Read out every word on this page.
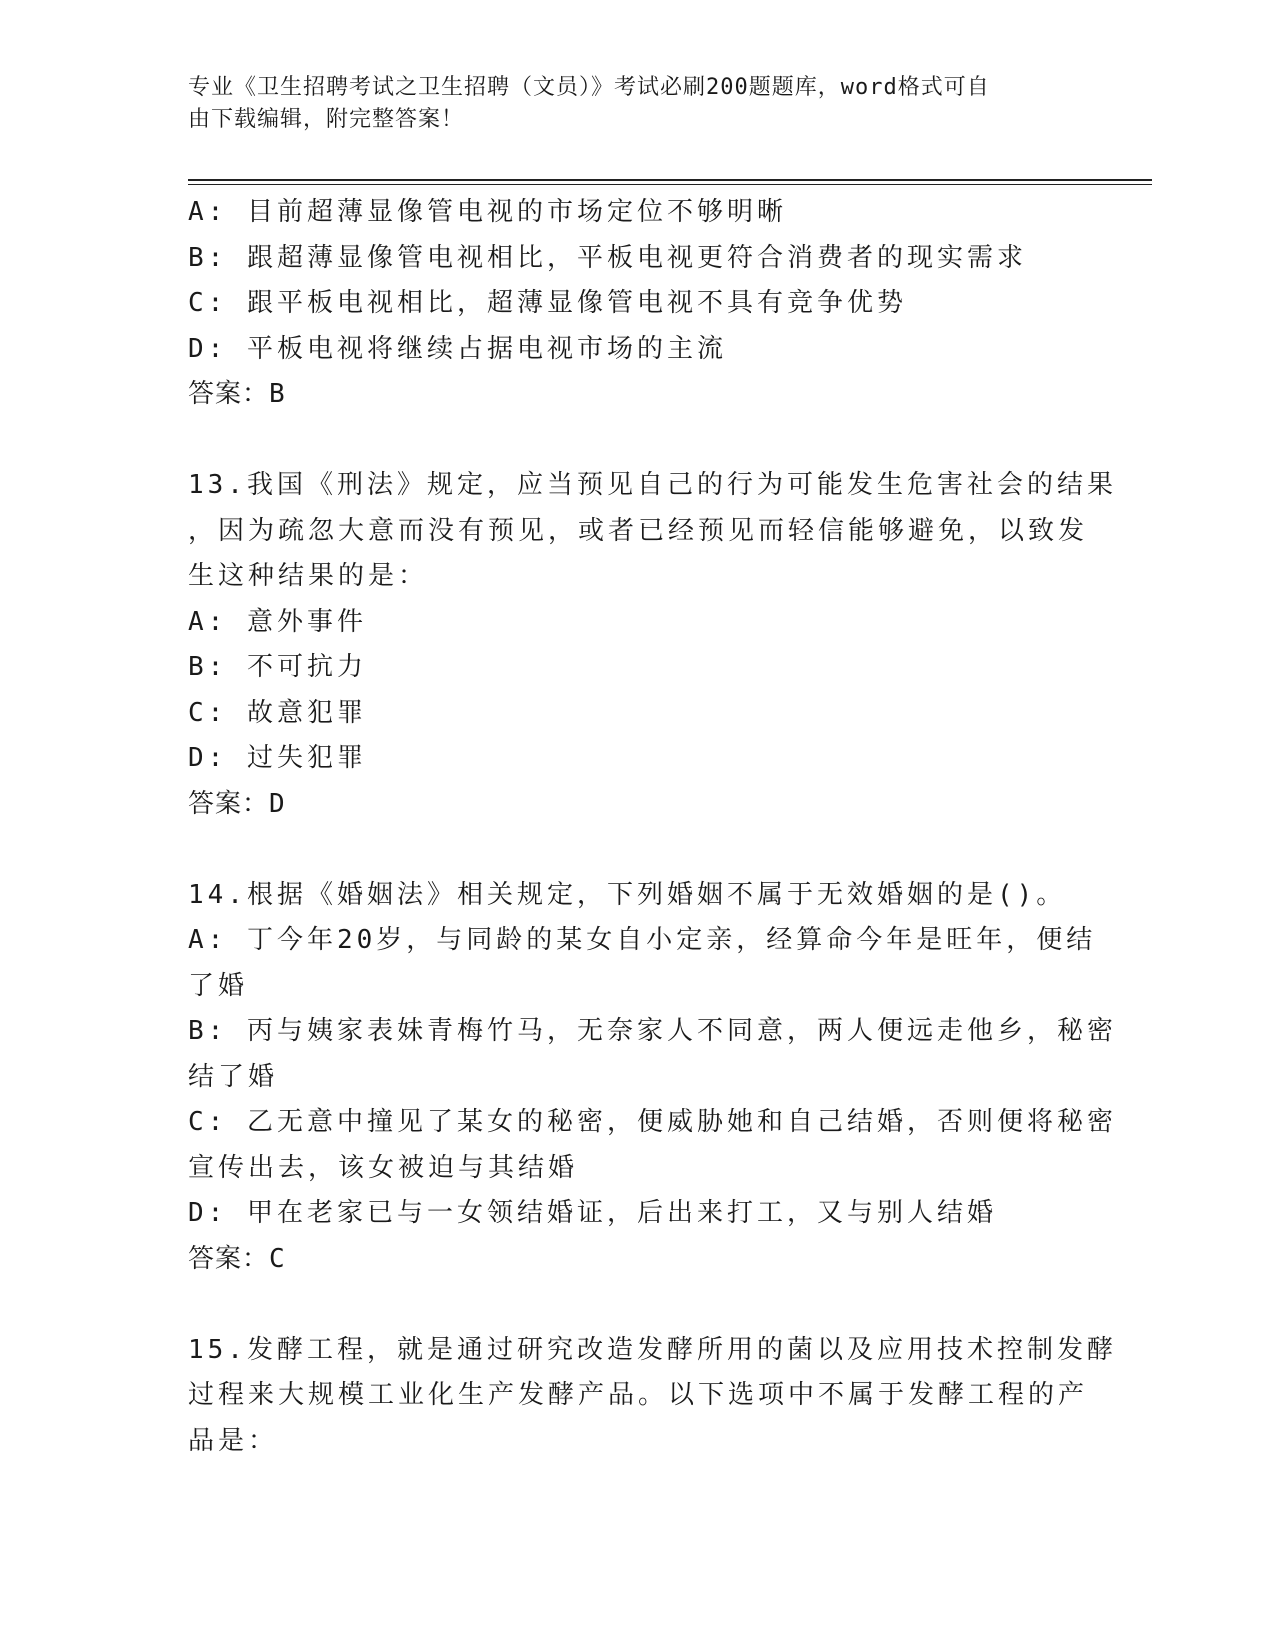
专业《卫生招聘考试之卫生招聘（文员）》考试必刷200题题库，word格式可自
由下载编辑，附完整答案！
A: 目前超薄显像管电视的市场定位不够明晰
B: 跟超薄显像管电视相比，平板电视更符合消费者的现实需求
C: 跟平板电视相比，超薄显像管电视不具有竞争优势
D: 平板电视将继续占据电视市场的主流
答案：B
13.我国《刑法》规定，应当预见自己的行为可能发生危害社会的结果
，因为疏忽大意而没有预见，或者已经预见而轻信能够避免，以致发
生这种结果的是：
A: 意外事件
B: 不可抗力
C: 故意犯罪
D: 过失犯罪
答案：D
14.根据《婚姻法》相关规定，下列婚姻不属于无效婚姻的是()。
A: 丁今年20岁，与同龄的某女自小定亲，经算命今年是旺年，便结
了婚
B: 丙与姨家表妹青梅竹马，无奈家人不同意，两人便远走他乡，秘密
结了婚
C: 乙无意中撞见了某女的秘密，便威胁她和自己结婚，否则便将秘密
宣传出去，该女被迫与其结婚
D: 甲在老家已与一女领结婚证，后出来打工，又与别人结婚
答案：C
15.发酵工程，就是通过研究改造发酵所用的菌以及应用技术控制发酵
过程来大规模工业化生产发酵产品。以下选项中不属于发酵工程的产
品是：
